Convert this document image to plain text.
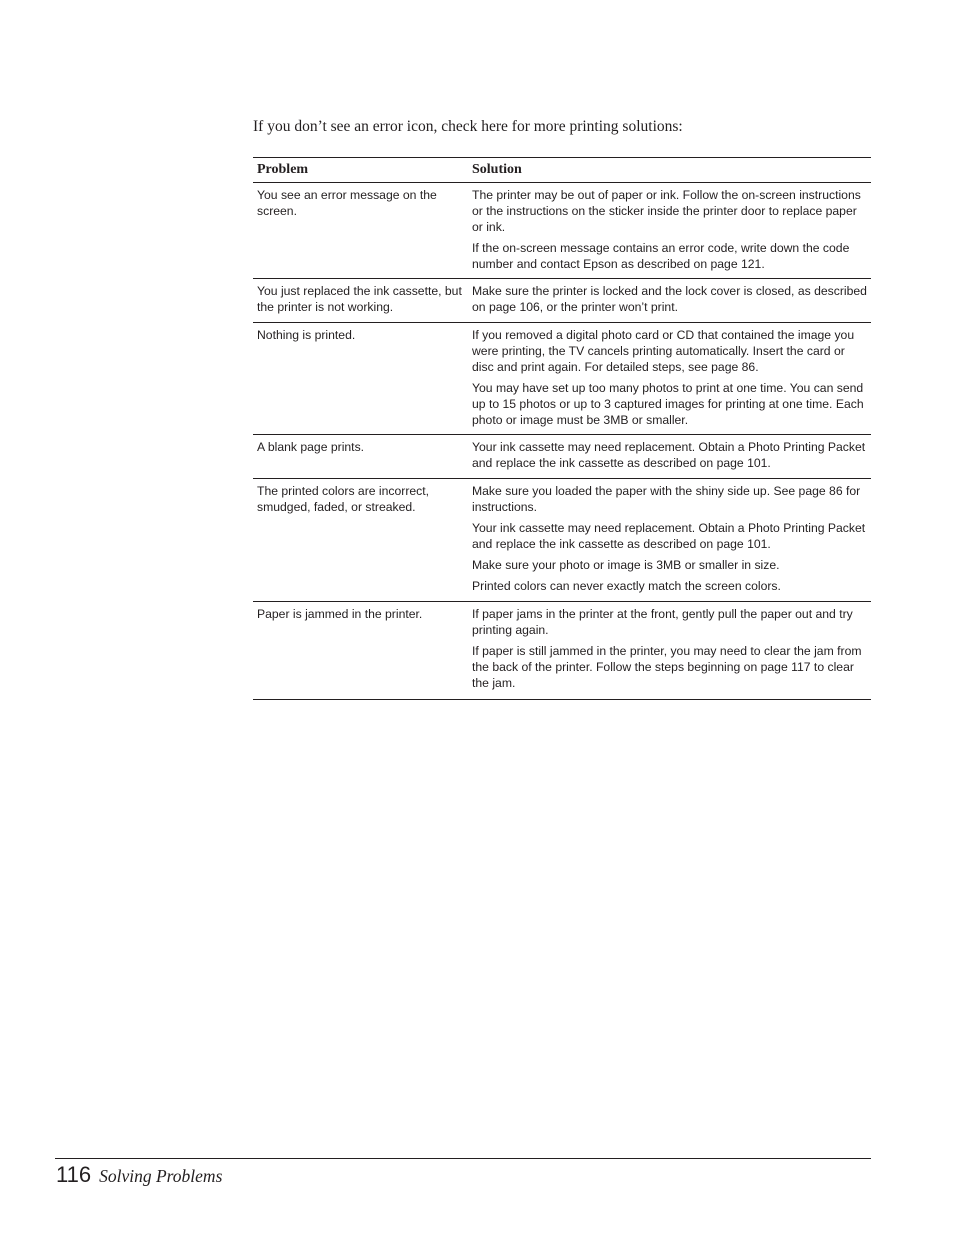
If you don’t see an error icon, check here for more printing solutions:

Problem	Solution
You see an error message on the screen.	The printer may be out of paper or ink. Follow the on-screen instructions or the instructions on the sticker inside the printer door to replace paper or ink.

If the on-screen message contains an error code, write down the code number and contact Epson as described on page 121.

You just replaced the ink cassette, but the printer is not working.	Make sure the printer is locked and the lock cover is closed, as described on page 106, or the printer won’t print.

Nothing is printed.	If you removed a digital photo card or CD that contained the image you were printing, the TV cancels printing automatically. Insert the card or disc and print again. For detailed steps, see page 86.

You may have set up too many photos to print at one time. You can send up to 15 photos or up to 3 captured images for printing at one time. Each photo or image must be 3MB or smaller.

A blank page prints.	Your ink cassette may need replacement. Obtain a Photo Printing Packet and replace the ink cassette as described on page 101.

The printed colors are incorrect, smudged, faded, or streaked.	Make sure you loaded the paper with the shiny side up. See page 86 for instructions.

Your ink cassette may need replacement. Obtain a Photo Printing Packet and replace the ink cassette as described on page 101.

Make sure your photo or image is 3MB or smaller in size.

Printed colors can never exactly match the screen colors.

Paper is jammed in the printer.	If paper jams in the printer at the front, gently pull the paper out and try printing again.

If paper is still jammed in the printer, you may need to clear the jam from the back of the printer. Follow the steps beginning on page 117 to clear the jam.

116 Solving Problems
